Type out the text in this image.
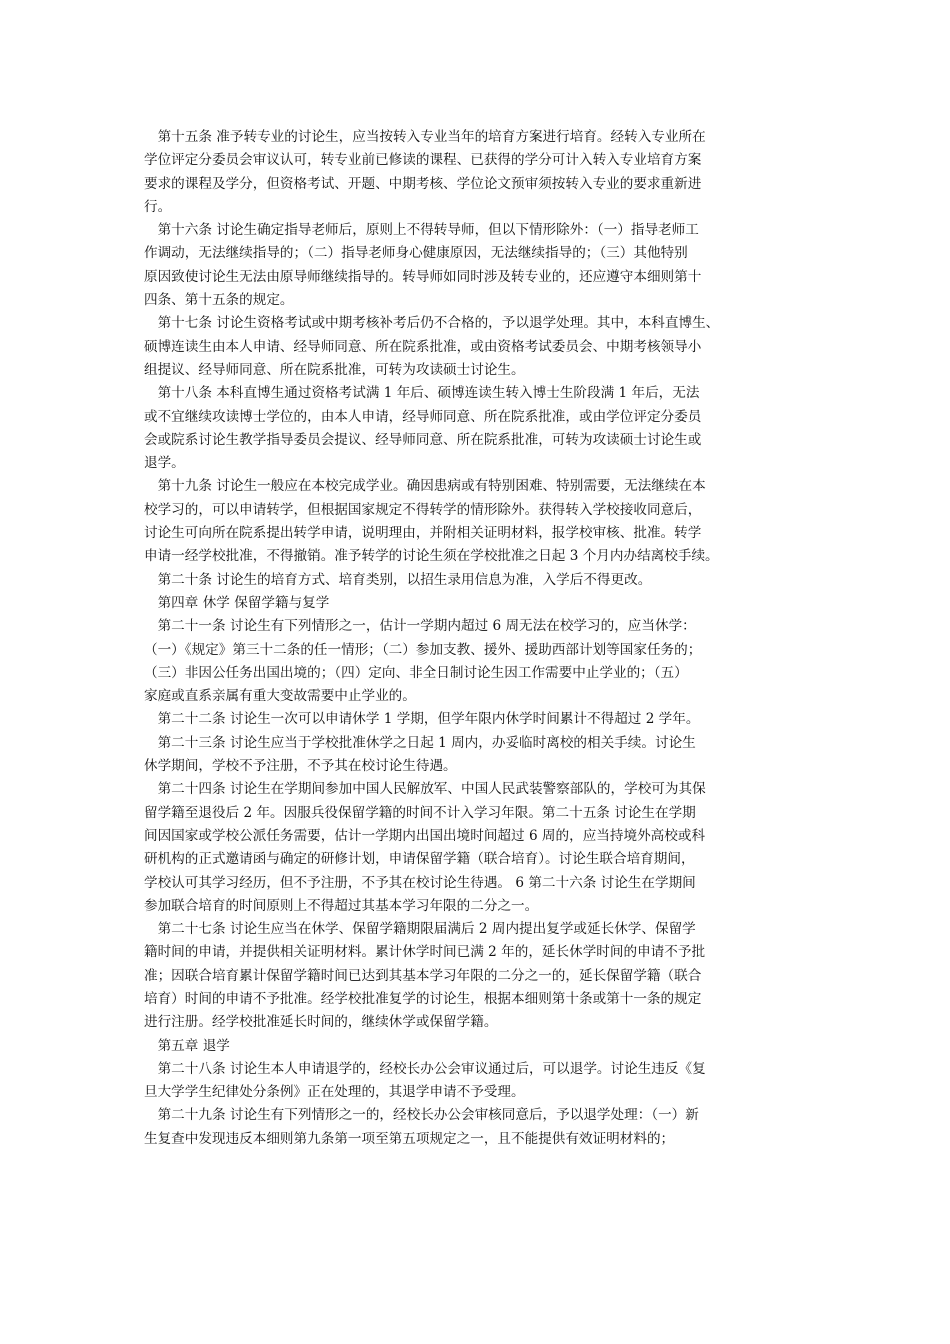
　第十五条 准予转专业的讨论生，应当按转入专业当年的培育方案进行培育。经转入专业所在
学位评定分委员会审议认可，转专业前已修读的课程、已获得的学分可计入转入专业培育方案
要求的课程及学分，但资格考试、开题、中期考核、学位论文预审须按转入专业的要求重新进
行。
　第十六条 讨论生确定指导老师后，原则上不得转导师，但以下情形除外：（一）指导老师工
作调动，无法继续指导的；（二）指导老师身心健康原因，无法继续指导的；（三）其他特别
原因致使讨论生无法由原导师继续指导的。转导师如同时涉及转专业的，还应遵守本细则第十
四条、第十五条的规定。
　第十七条 讨论生资格考试或中期考核补考后仍不合格的，予以退学处理。其中，本科直博生、
硕博连读生由本人申请、经导师同意、所在院系批准，或由资格考试委员会、中期考核领导小
组提议、经导师同意、所在院系批准，可转为攻读硕士讨论生。
　第十八条 本科直博生通过资格考试满 1 年后、硕博连读生转入博士生阶段满 1 年后，无法
或不宜继续攻读博士学位的，由本人申请，经导师同意、所在院系批准，或由学位评定分委员
会或院系讨论生教学指导委员会提议、经导师同意、所在院系批准，可转为攻读硕士讨论生或
退学。
　第十九条 讨论生一般应在本校完成学业。确因患病或有特别困难、特别需要，无法继续在本
校学习的，可以申请转学，但根据国家规定不得转学的情形除外。获得转入学校接收同意后，
讨论生可向所在院系提出转学申请，说明理由，并附相关证明材料，报学校审核、批准。转学
申请一经学校批准，不得撤销。准予转学的讨论生须在学校批准之日起 3 个月内办结离校手续。
　第二十条 讨论生的培育方式、培育类别，以招生录用信息为准，入学后不得更改。
　第四章 休学 保留学籍与复学
　第二十一条 讨论生有下列情形之一，估计一学期内超过 6 周无法在校学习的，应当休学：
（一）《规定》第三十二条的任一情形；（二）参加支教、援外、援助西部计划等国家任务的；
（三）非因公任务出国出境的；（四）定向、非全日制讨论生因工作需要中止学业的；（五）
家庭或直系亲属有重大变故需要中止学业的。
　第二十二条 讨论生一次可以申请休学 1 学期，但学年限内休学时间累计不得超过 2 学年。
　第二十三条 讨论生应当于学校批准休学之日起 1 周内，办妥临时离校的相关手续。讨论生
休学期间，学校不予注册，不予其在校讨论生待遇。
　第二十四条 讨论生在学期间参加中国人民解放军、中国人民武装警察部队的，学校可为其保
留学籍至退役后 2 年。因服兵役保留学籍的时间不计入学习年限。第二十五条 讨论生在学期
间因国家或学校公派任务需要，估计一学期内出国出境时间超过 6 周的，应当持境外高校或科
研机构的正式邀请函与确定的研修计划，申请保留学籍（联合培育）。讨论生联合培育期间，
学校认可其学习经历，但不予注册，不予其在校讨论生待遇。 6 第二十六条 讨论生在学期间
参加联合培育的时间原则上不得超过其基本学习年限的二分之一。
　第二十七条 讨论生应当在休学、保留学籍期限届满后 2 周内提出复学或延长休学、保留学
籍时间的申请，并提供相关证明材料。累计休学时间已满 2 年的，延长休学时间的申请不予批
准；因联合培育累计保留学籍时间已达到其基本学习年限的二分之一的，延长保留学籍（联合
培育）时间的申请不予批准。经学校批准复学的讨论生，根据本细则第十条或第十一条的规定
进行注册。经学校批准延长时间的，继续休学或保留学籍。
　第五章 退学
　第二十八条 讨论生本人申请退学的，经校长办公会审议通过后，可以退学。讨论生违反《复
旦大学学生纪律处分条例》正在处理的，其退学申请不予受理。
　第二十九条 讨论生有下列情形之一的，经校长办公会审核同意后，予以退学处理：（一）新
生复查中发现违反本细则第九条第一项至第五项规定之一，且不能提供有效证明材料的；
